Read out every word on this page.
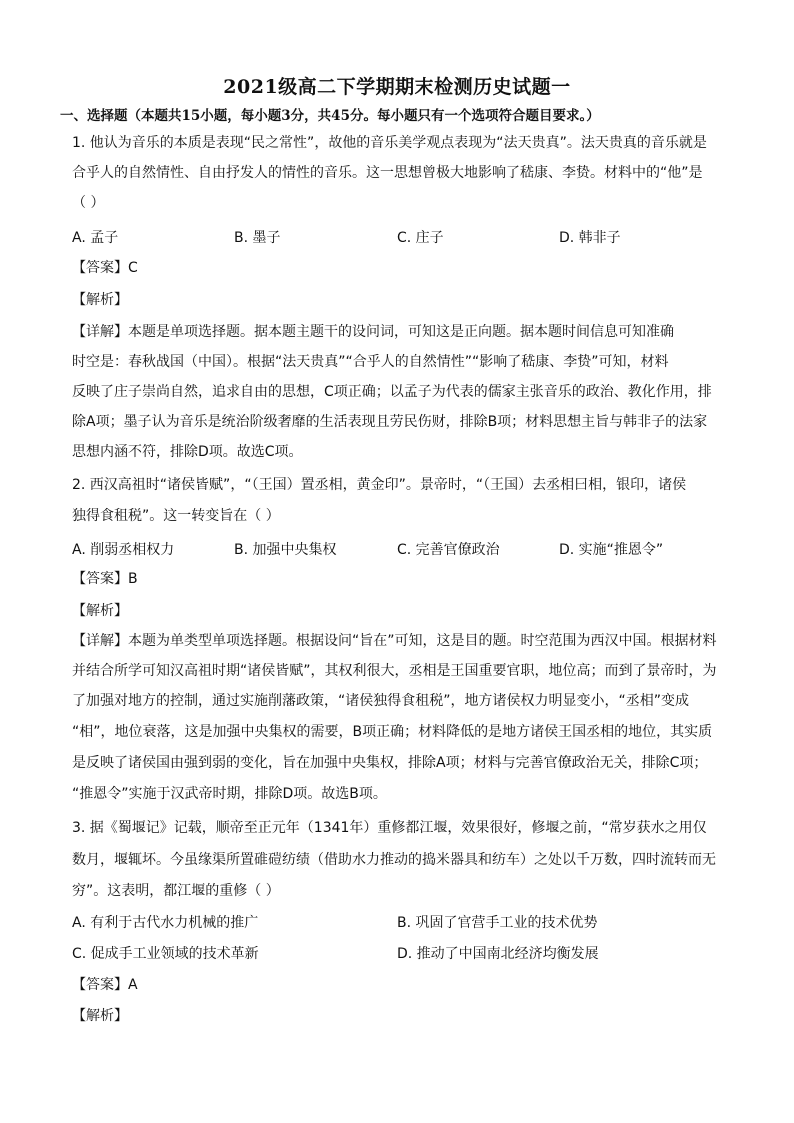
2021级高二下学期期末检测历史试题一
一、选择题（本题共15小题，每小题3分，共45分。每小题只有一个选项符合题目要求。）
1. 他认为音乐的本质是表现“民之常性”，故他的音乐美学观点表现为“法天贵真”。法天贵真的音乐就是
合乎人的自然情性、自由抒发人的情性的音乐。这一思想曾极大地影响了嵇康、李贽。材料中的“他”是
（ ）
A. 孟子	B. 墨子	C. 庄子	D. 韩非子
【答案】C
【解析】
【详解】本题是单项选择题。据本题主题干的设问词，可知这是正向题。据本题时间信息可知准确
时空是：春秋战国（中国）。根据“法天贵真”“合乎人的自然情性”“影响了嵇康、李贽”可知，材料
反映了庄子崇尚自然，追求自由的思想，C项正确；以孟子为代表的儒家主张音乐的政治、教化作用，排
除A项；墨子认为音乐是统治阶级奢靡的生活表现且劳民伤财，排除B项；材料思想主旨与韩非子的法家
思想内涵不符，排除D项。故选C项。
2. 西汉高祖时“诸侯皆赋”，“（王国）置丞相，黄金印”。景帝时，“（王国）去丞相曰相，银印，诸侯
独得食租税”。这一转变旨在（ ）
A. 削弱丞相权力	B. 加强中央集权	C. 完善官僚政治	D. 实施“推恩令”
【答案】B
【解析】
【详解】本题为单类型单项选择题。根据设问“旨在”可知，这是目的题。时空范围为西汉中国。根据材料
并结合所学可知汉高祖时期“诸侯皆赋”，其权利很大，丞相是王国重要官职，地位高；而到了景帝时，为
了加强对地方的控制，通过实施削藩政策，“诸侯独得食租税”，地方诸侯权力明显变小，“丞相”变成
“相”，地位衰落，这是加强中央集权的需要，B项正确；材料降低的是地方诸侯王国丞相的地位，其实质
是反映了诸侯国由强到弱的变化，旨在加强中央集权，排除A项；材料与完善官僚政治无关，排除C项；
“推恩令”实施于汉武帝时期，排除D项。故选B项。
3. 据《蜀堰记》记载，顺帝至正元年（1341年）重修都江堰，效果很好，修堰之前，“常岁获水之用仅
数月，堰辄坏。今虽缘渠所置碓磑纺绩（借助水力推动的捣米器具和纺车）之处以千万数，四时流转而无
穷”。这表明，都江堰的重修（ ）
A. 有利于古代水力机械的推广	B. 巩固了官营手工业的技术优势
C. 促成手工业领域的技术革新	D. 推动了中国南北经济均衡发展
【答案】A
【解析】
